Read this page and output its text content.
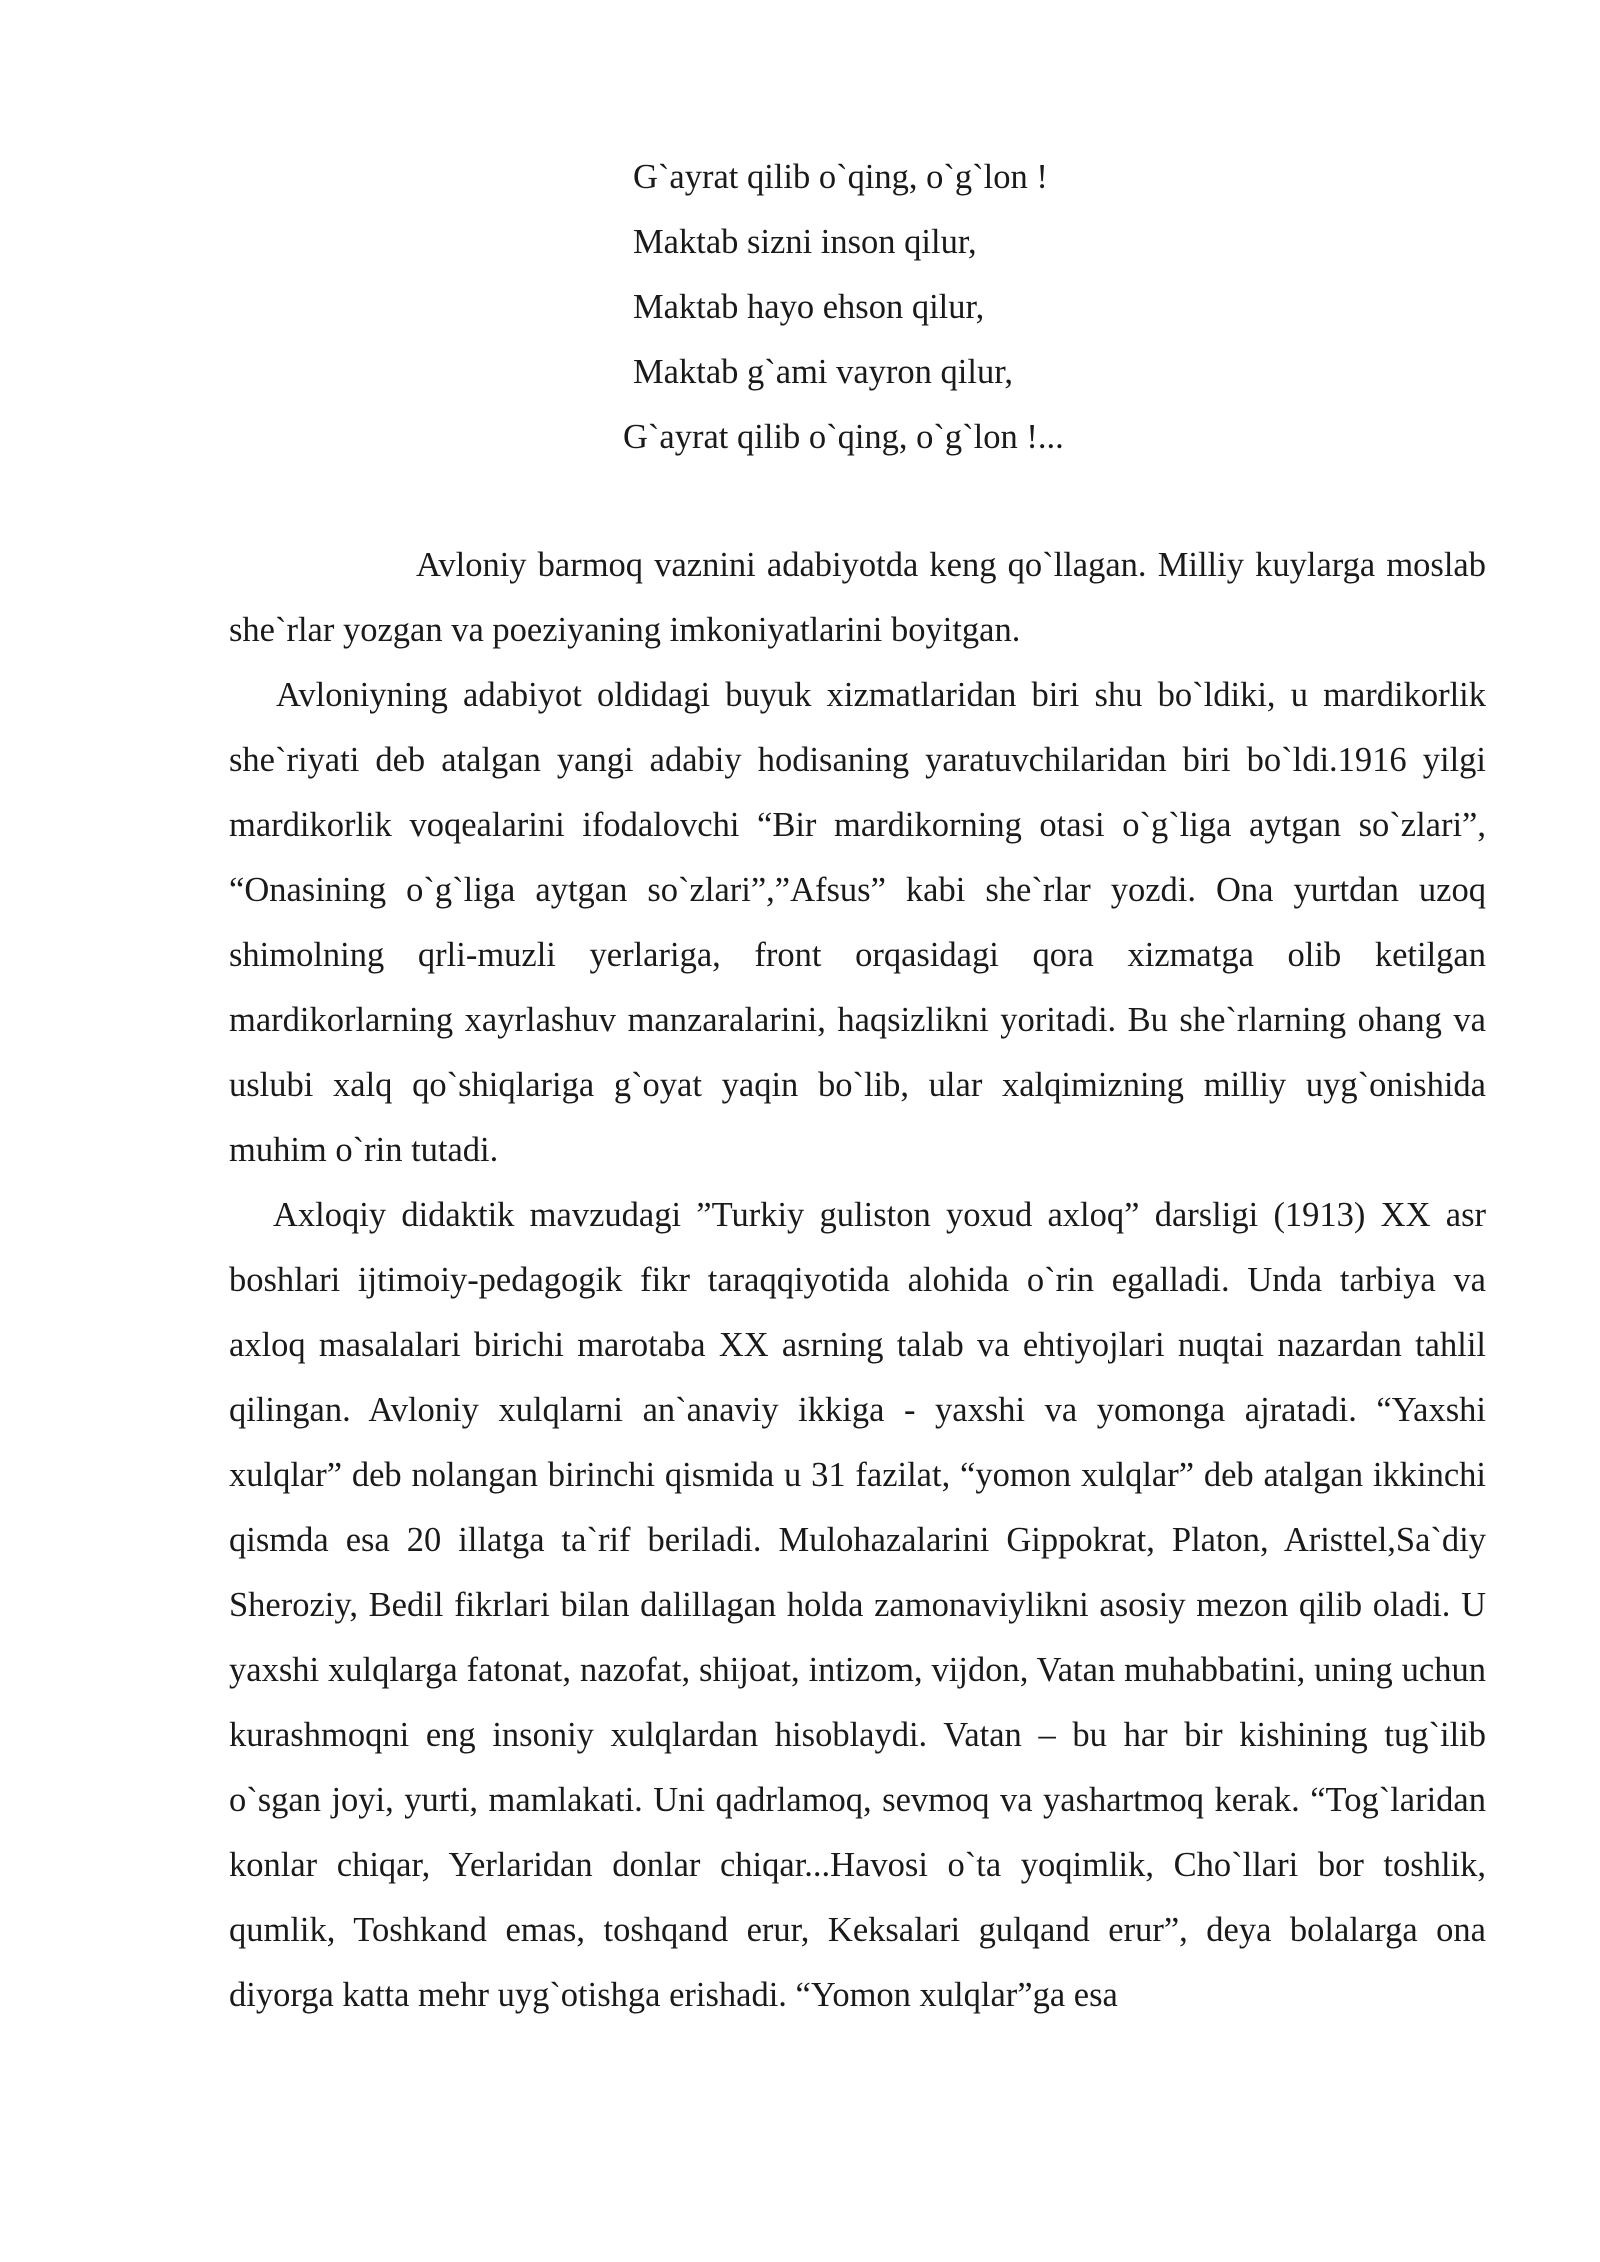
G`ayrat qilib o`qing, o`g`lon !
Maktab sizni inson qilur,
Maktab hayo ehson qilur,
Maktab g`ami vayron qilur,
G`ayrat qilib o`qing, o`g`lon !...

Avloniy barmoq vaznini adabiyotda keng qo`llagan. Milliy kuylarga moslab she`rlar yozgan va poeziyaning imkoniyatlarini boyitgan.

Avloniyning adabiyot oldidagi buyuk xizmatlaridan biri shu bo`ldiki, u mardikorlik she`riyati deb atalgan yangi adabiy hodisaning yaratuvchilaridan biri bo`ldi.1916 yilgi mardikorlik voqealarini ifodalovchi “Bir mardikorning otasi o`g`liga aytgan so`zlari”, “Onasining o`g`liga aytgan so`zlari”,”Afsus” kabi she`rlar yozdi. Ona yurtdan uzoq shimolning qrli-muzli yerlariga, front orqasidagi qora xizmatga olib ketilgan mardikorlarning xayrlashuv manzaralarini, haqsizlikni yoritadi. Bu she`rlarning ohang va uslubi xalq qo`shiqlariga g`oyat yaqin bo`lib, ular xalqimizning milliy uyg`onishida muhim o`rin tutadi.

Axloqiy didaktik mavzudagi ”Turkiy guliston yoxud axloq” darsligi (1913) XX asr boshlari ijtimoiy-pedagogik fikr taraqqiyotida alohida o`rin egalladi. Unda tarbiya va axloq masalalari birichi marotaba XX asrning talab va ehtiyojlari nuqtai nazardan tahlil qilingan. Avloniy xulqlarni an`anaviy ikkiga - yaxshi va yomonga ajratadi. “Yaxshi xulqlar” deb nolangan birinchi qismida u 31 fazilat, “yomon xulqlar” deb atalgan ikkinchi qismda esa 20 illatga ta`rif beriladi. Mulohazalarini Gippokrat, Platon, Aristtel,Sa`diy Sheroziy, Bedil fikrlari bilan dalillagan holda zamonaviylikni asosiy mezon qilib oladi. U yaxshi xulqlarga fatonat, nazofat, shijoat, intizom, vijdon, Vatan muhabbatini, uning uchun kurashmoqni eng insoniy xulqlardan hisoblaydi. Vatan – bu har bir kishining tug`ilib o`sgan joyi, yurti, mamlakati. Uni qadrlamoq, sevmoq va yashartmoq kerak. “Tog`laridan konlar chiqar, Yerlaridan donlar chiqar...Havosi o`ta yoqimlik, Cho`llari bor toshlik, qumlik, Toshkand emas, toshqand erur, Keksalari gulqand erur”, deya bolalarga ona diyorga katta mehr uyg`otishga erishadi. “Yomon xulqlar”ga esa
